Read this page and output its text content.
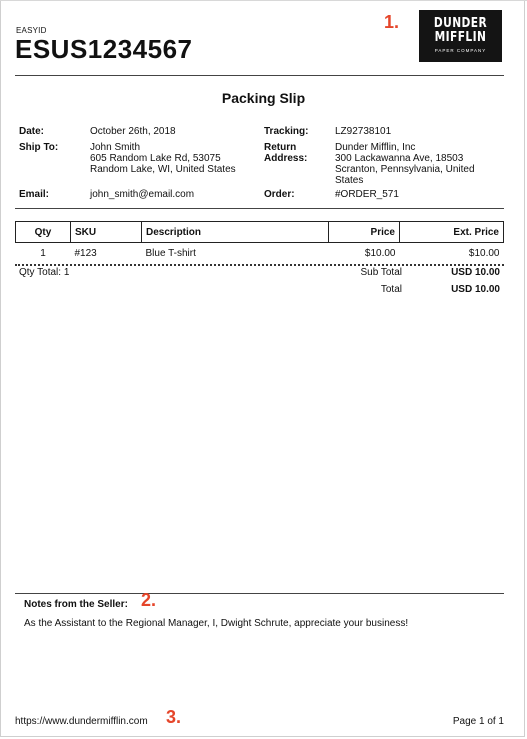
EASYID
ESUS1234567
1.	DUNDER
MIFFLIN
PAPER COMPANY
Packing Slip
Date:	October 26th, 2018
Ship To:	John Smith
605 Random Lake Rd, 53075
Random Lake, WI, United States
Email:	john_smith@email.com
Tracking:	LZ92738101
Return
Address:
Dunder Mifflin, Inc
300 Lackawanna Ave, 18503
Scranton, Pennsylvania, United
States
Order:	#ORDER_571
Qty	SKU	Description	Price	Ext. Price
1	#123	Blue T-shirt	$10.00	$10.00
Qty Total: 1	Sub Total	USD 10.00
Total	USD 10.00
Notes from the Seller: 2.
As the Assistant to the Regional Manager, I, Dwight Schrute, appreciate your business!
https://www.dundermifflin.com 3.	Page 1 of 1
